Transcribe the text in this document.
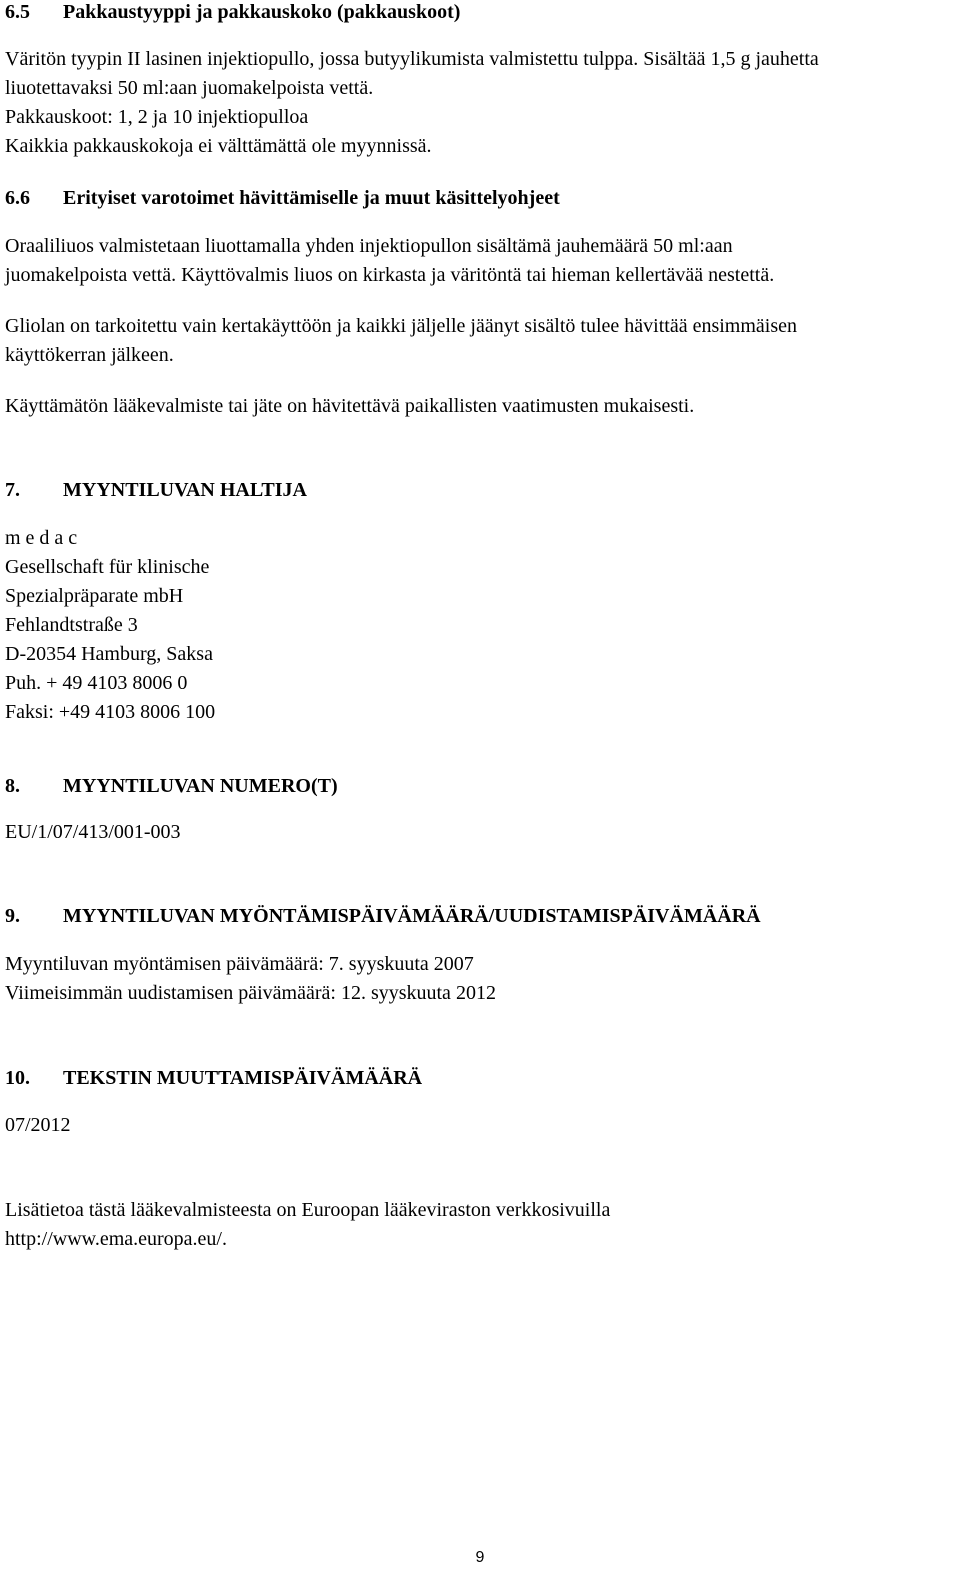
6.5 Pakkaustyyppi ja pakkauskoko (pakkauskoot)
Väritön tyypin II lasinen injektiopullo, jossa butyylikumista valmistettu tulppa. Sisältää 1,5 g jauhetta
liuotettavaksi 50 ml:aan juomakelpoista vettä.
Pakkauskoot: 1, 2 ja 10 injektiopulloa
Kaikkia pakkauskokoja ei välttämättä ole myynnissä.
6.6 Erityiset varotoimet hävittämiselle ja muut käsittelyohjeet
Oraaliliuos valmistetaan liuottamalla yhden injektiopullon sisältämä jauhemäärä 50 ml:aan
juomakelpoista vettä. Käyttövalmis liuos on kirkasta ja väritöntä tai hieman kellertävää nestettä.
Gliolan on tarkoitettu vain kertakäyttöön ja kaikki jäljelle jäänyt sisältö tulee hävittää ensimmäisen
käyttökerran jälkeen.
Käyttämätön lääkevalmiste tai jäte on hävitettävä paikallisten vaatimusten mukaisesti.
7. MYYNTILUVAN HALTIJA
m e d a c
Gesellschaft für klinische
Spezialpräparate mbH
Fehlandtstraße 3
D-20354 Hamburg, Saksa
Puh. + 49 4103 8006 0
Faksi: +49 4103 8006 100
8. MYYNTILUVAN NUMERO(T)
EU/1/07/413/001-003
9. MYYNTILUVAN MYÖNTÄMISPÄIVÄMÄÄRÄ/UUDISTAMISPÄIVÄMÄÄRÄ
Myyntiluvan myöntämisen päivämäärä: 7. syyskuuta 2007
Viimeisimmän uudistamisen päivämäärä: 12. syyskuuta 2012
10. TEKSTIN MUUTTAMISPÄIVÄMÄÄRÄ
07/2012
Lisätietoa tästä lääkevalmisteesta on Euroopan lääkeviraston verkkosivuilla
http://www.ema.europa.eu/.
9
